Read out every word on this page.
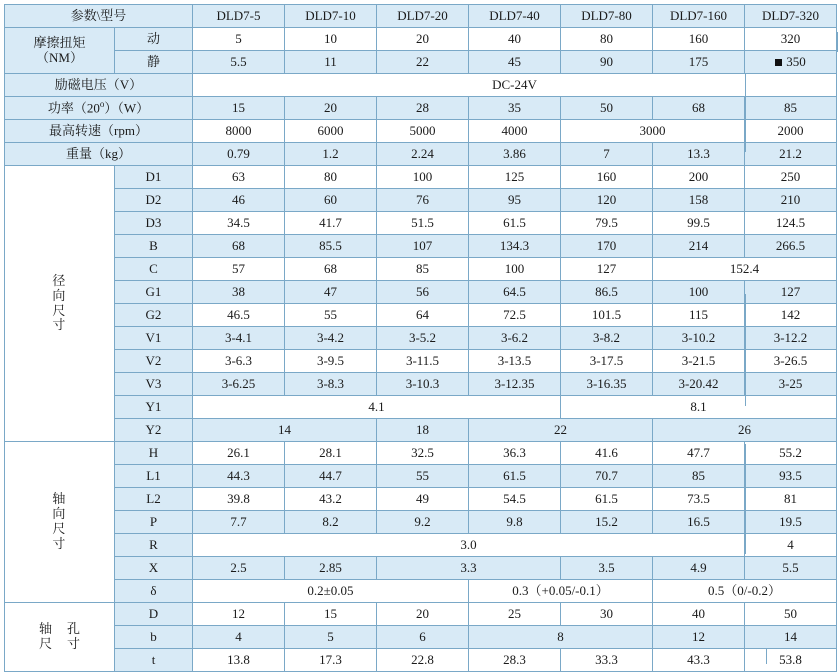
参数\型号		DLD7-5	DLD7-10	DLD7-20	DLD7-40	DLD7-80	DLD7-160	DLD7-320	

摩擦扭矩
（NM）	动	5	10	20	40	80	160	320	
	静	5.5	11	22	45	90	175	350	
励磁电压（V）		DC-24V							
功率（20$^o$）（W）		15	20	28	35	50	68	85	
最高转速（rpm）		8000	6000	5000	4000	3000		2000	
重量（kg）		0.79	1.2	2.24	3.86	7	13.3	21.2	

径
向
尺
寸	D1	63	80	100	125	160	200	250	
	D2	46	60	76	95	120	158	210	
	D3	34.5	41.7	51.5	61.5	79.5	99.5	124.5	
	B	68	85.5	107	134.3	170	214	266.5	
	C	57	68	85	100	127	152.4		
	G1	38	47	56	64.5	86.5	100	127	
	G2	46.5	55	64	72.5	101.5	115	142	
	V1	3-4.1	3-4.2	3-5.2	3-6.2	3-8.2	3-10.2	3-12.2	
	V2	3-6.3	3-9.5	3-11.5	3-13.5	3-17.5	3-21.5	3-26.5	
	V3	3-6.25	3-8.3	3-10.3	3-12.35	3-16.35	3-20.42	3-25	
	Y1	4.1				8.1			
	Y2	14		18	22		26		

轴
向
尺
寸	H	26.1	28.1	32.5	36.3	41.6	47.7	55.2	
	L1	44.3	44.7	55	61.5	70.7	85	93.5	
	L2	39.8	43.2	49	54.5	61.5	73.5	81	
	P	7.7	8.2	9.2	9.8	15.2	16.5	19.5	
	R	3.0						4	
	X	2.5	2.85	3.3		3.5	4.9	5.5	
	δ	0.2±0.05			0.3（+0.05/-0.1）		0.5（0/-0.2）		

轴 孔
尺 寸	D	12	15	20	25	30	40	50	
	b	4	5	6	8		12	14	
	t	13.8	17.3	22.8	28.3	33.3	43.3	53.8	
